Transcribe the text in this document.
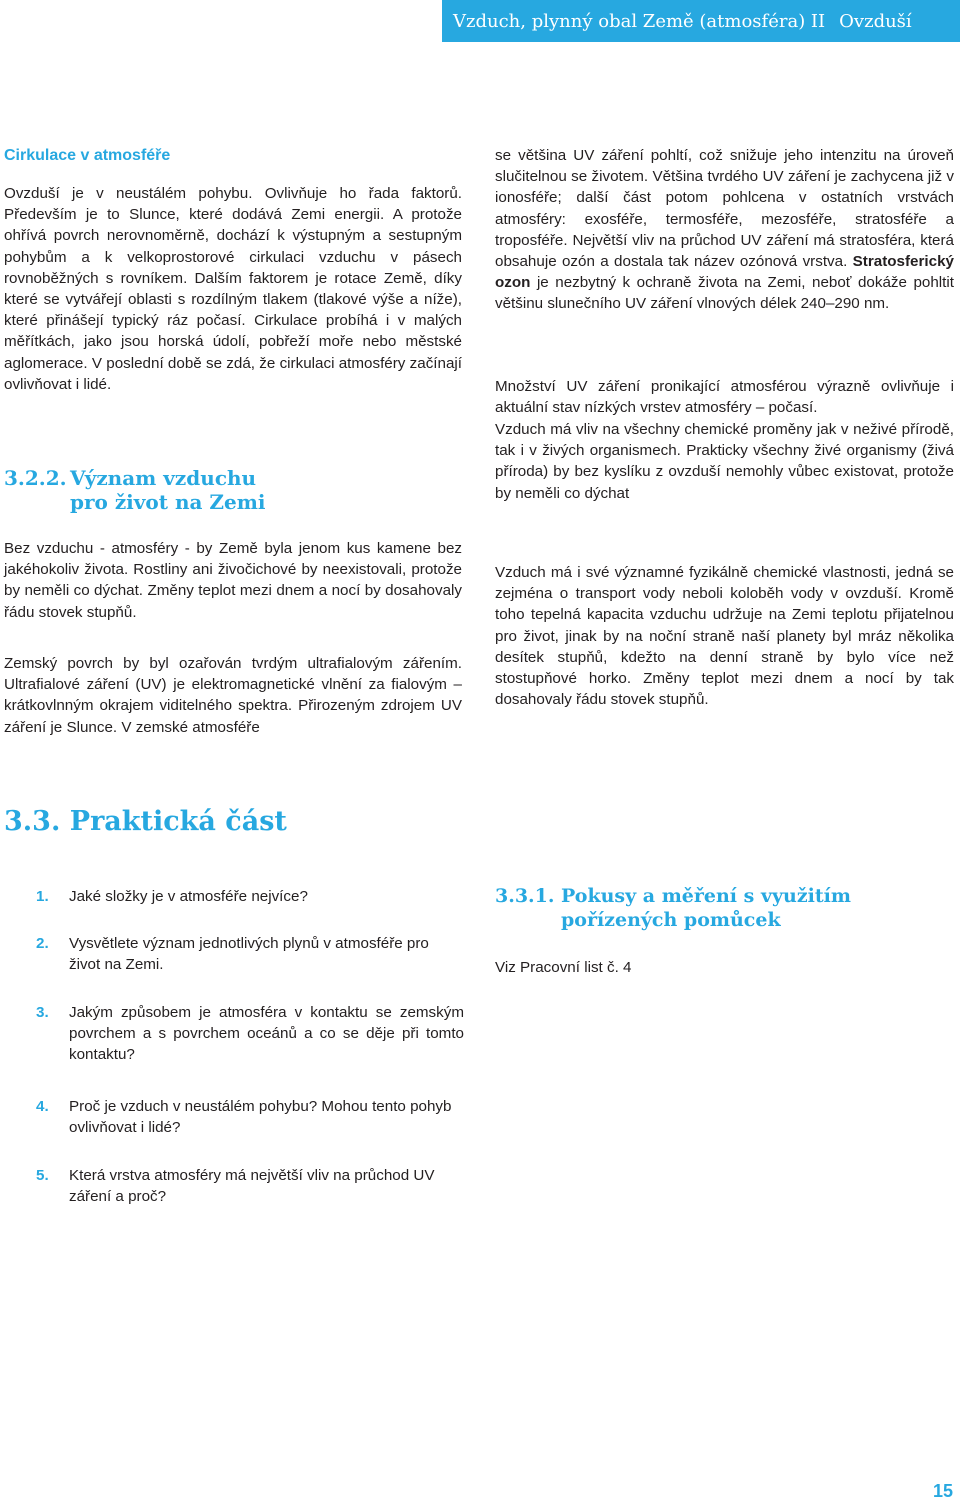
Vzduch, plynný obal Země (atmosféra) II Ovzduší

Cirkulace v atmosféře

Ovzduší je v neustálém pohybu. Ovlivňuje ho řada faktorů. Především je to Slunce, které dodává Zemi energii. A protože ohřívá povrch nerovnoměrně, dochází k výstupným a sestupným pohybům a k velkoprostorové cirkulaci vzduchu v pásech rovnoběžných s rovníkem. Dalším faktorem je rotace Země, díky které se vytvářejí oblasti s rozdílným tlakem (tlakové výše a níže), které přinášejí typický ráz počasí. Cirkulace probíhá i v malých měřítkách, jako jsou horská údolí, pobřeží moře nebo městské aglomerace. V poslední době se zdá, že cirkulaci atmosféry začínají ovlivňovat i lidé.

3.2.2. Význam vzduchu
pro život na Zemi

Bez vzduchu - atmosféry - by Země byla jenom kus kamene bez jakéhokoliv života. Rostliny ani živočichové by neexistovali, protože by neměli co dýchat. Změny teplot mezi dnem a nocí by dosahovaly řádu stovek stupňů.

Zemský povrch by byl ozařován tvrdým ultrafialovým zářením. Ultrafialové záření (UV) je elektromagnetické vlnění za fialovým – krátkovlnným okrajem viditelného spektra. Přirozeným zdrojem UV záření je Slunce. V zemské atmosféře

se většina UV záření pohltí, což snižuje jeho intenzitu na úroveň slučitelnou se životem. Většina tvrdého UV záření je zachycena již v ionosféře; další část potom pohlcena v ostatních vrstvách atmosféry: exosféře, termosféře, mezosféře, stratosféře a troposféře. Největší vliv na průchod UV záření má stratosféra, která obsahuje ozón a dostala tak název ozónová vrstva. Stratosferický ozon je nezbytný k ochraně života na Zemi, neboť dokáže pohltit většinu slunečního UV záření vlnových délek 240–290 nm.

Množství UV záření pronikající atmosférou výrazně ovlivňuje i aktuální stav nízkých vrstev atmosféry – počasí.

Vzduch má vliv na všechny chemické proměny jak v neživé přírodě, tak i v živých organismech. Prakticky všechny živé organismy (živá příroda) by bez kyslíku z ovzduší nemohly vůbec existovat, protože by neměli co dýchat

Vzduch má i své významné fyzikálně chemické vlastnosti, jedná se zejména o transport vody neboli koloběh vody v ovzduší. Kromě toho tepelná kapacita vzduchu udržuje na Zemi teplotu přijatelnou pro život, jinak by na noční straně naší planety byl mráz několika desítek stupňů, kdežto na denní straně by bylo více než stostupňové horko. Změny teplot mezi dnem a nocí by tak dosahovaly řádu stovek stupňů.

3.3. Praktická část
1. Jaké složky je v atmosféře nejvíce?
2. Vysvětlete význam jednotlivých plynů v atmosféře pro život na Zemi.
3. Jakým způsobem je atmosféra v kontaktu se zemským povrchem a s povrchem oceánů a co se děje při tomto kontaktu?
4. Proč je vzduch v neustálém pohybu? Mohou tento pohyb ovlivňovat i lidé?
5. Která vrstva atmosféry má největší vliv na průchod UV záření a proč?
3.3.1. Pokusy a měření s využitím
pořízených pomůcek

Viz Pracovní list č. 4

15
